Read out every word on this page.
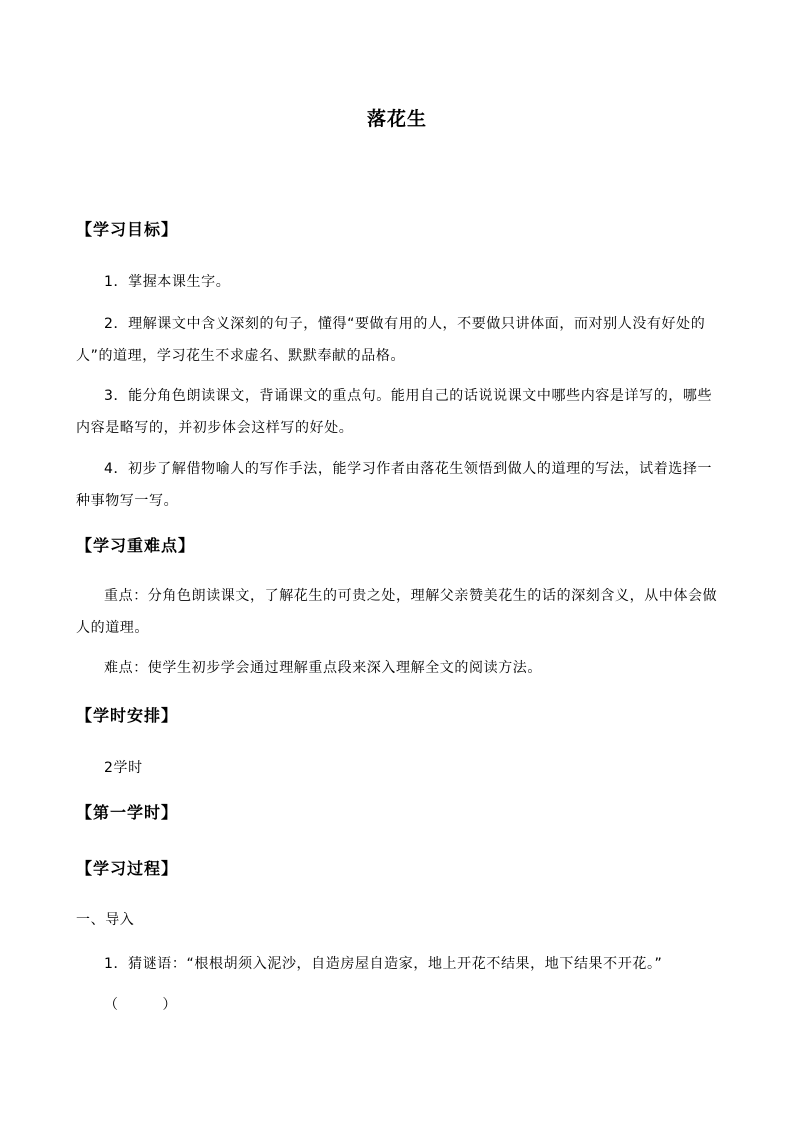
落花生
【学习目标】

1．掌握本课生字。

2．理解课文中含义深刻的句子，懂得“要做有用的人，不要做只讲体面，而对别人没有好处的人”的道理，学习花生不求虚名、默默奉献的品格。

3．能分角色朗读课文，背诵课文的重点句。能用自己的话说说课文中哪些内容是详写的，哪些内容是略写的，并初步体会这样写的好处。

4．初步了解借物喻人的写作手法，能学习作者由落花生领悟到做人的道理的写法，试着选择一种事物写一写。

【学习重难点】

重点：分角色朗读课文，了解花生的可贵之处，理解父亲赞美花生的话的深刻含义，从中体会做人的道理。

难点：使学生初步学会通过理解重点段来深入理解全文的阅读方法。

【学时安排】

2学时

【第一学时】
【学习过程】

一、导入

1．猜谜语：“根根胡须入泥沙，自造房屋自造家，地上开花不结果，地下结果不开花。”

（　　　）
